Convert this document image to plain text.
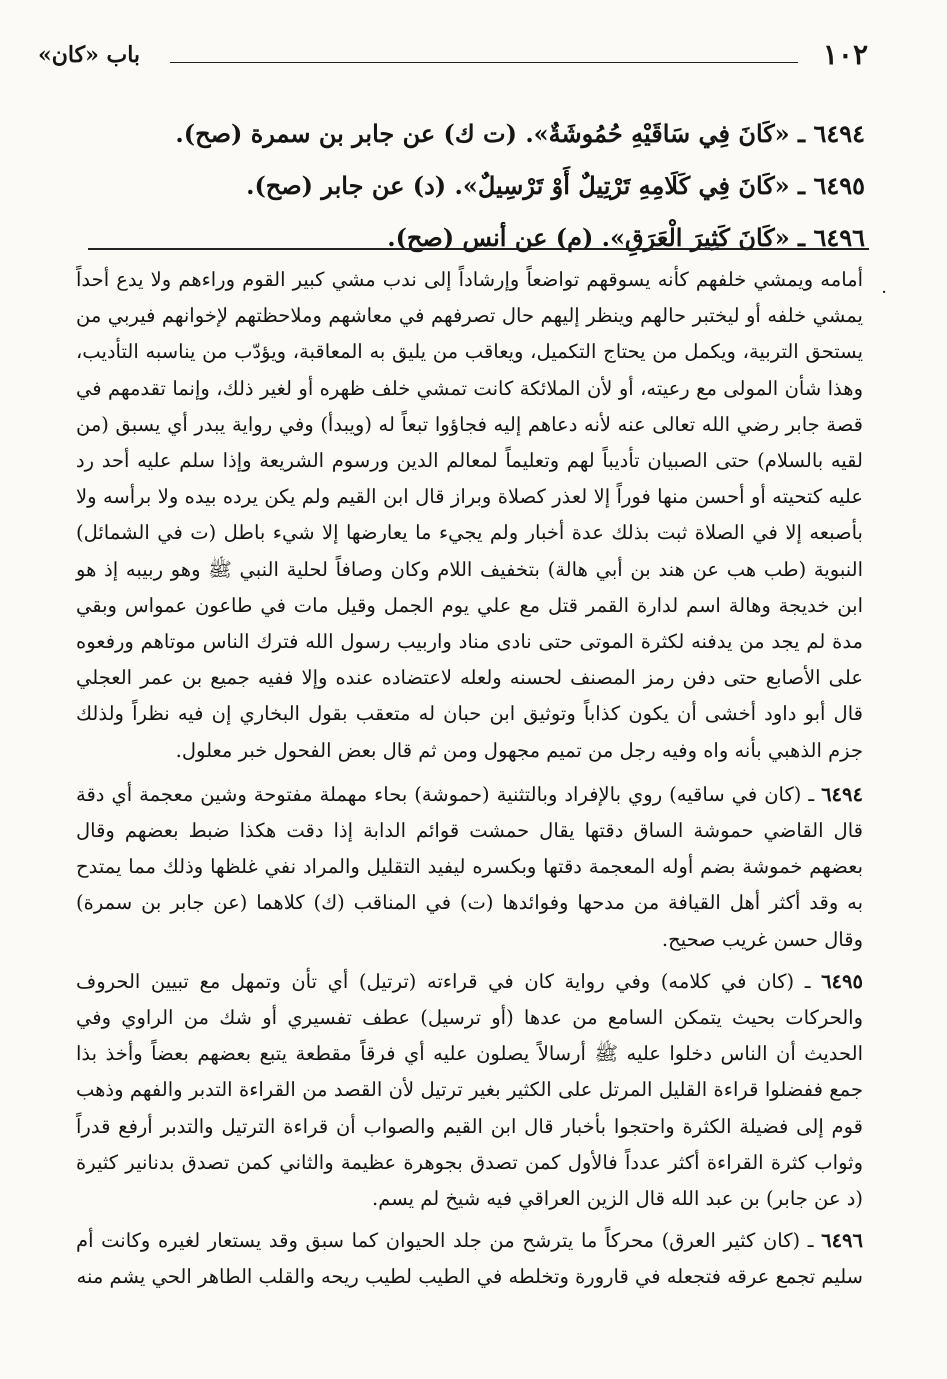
١٠٢
باب «كان»
٦٤٩٤ ـ «كَانَ فِي سَاقَيْهِ حُمُوشَةٌ». (ت ك) عن جابر بن سمرة (صح).
٦٤٩٥ ـ «كَانَ فِي كَلَامِهِ تَرْتِيلٌ أَوْ تَرْسِيلٌ». (د) عن جابر (صح).
٦٤٩٦ ـ «كَانَ كَثِيرَ الْعَرَقِ». (م) عن أنس (صح).
·

أمامه ويمشي خلفهم كأنه يسوقهم تواضعاً وإرشاداً إلى ندب مشي كبير القوم وراءهم ولا يدع أحداً يمشي خلفه أو ليختبر حالهم وينظر إليهم حال تصرفهم في معاشهم وملاحظتهم لإخوانهم فيربي من يستحق التربية، ويكمل من يحتاج التكميل، ويعاقب من يليق به المعاقبة، ويؤدّب من يناسبه التأديب، وهذا شأن المولى مع رعيته، أو لأن الملائكة كانت تمشي خلف ظهره أو لغير ذلك، وإنما تقدمهم في قصة جابر رضي الله تعالى عنه لأنه دعاهم إليه فجاؤوا تبعاً له (ويبدأ) وفي رواية يبدر أي يسبق (من لقيه بالسلام) حتى الصبيان تأديباً لهم وتعليماً لمعالم الدين ورسوم الشريعة وإذا سلم عليه أحد رد عليه كتحيته أو أحسن منها فوراً إلا لعذر كصلاة وبراز قال ابن القيم ولم يكن يرده بيده ولا برأسه ولا بأصبعه إلا في الصلاة ثبت بذلك عدة أخبار ولم يجيء ما يعارضها إلا شيء باطل (ت في الشمائل) النبوية (طب هب عن هند بن أبي هالة) بتخفيف اللام وكان وصافاً لحلية النبي ﷺ وهو ربيبه إذ هو ابن خديجة وهالة اسم لدارة القمر قتل مع علي يوم الجمل وقيل مات في طاعون عمواس وبقي مدة لم يجد من يدفنه لكثرة الموتى حتى نادى مناد واربيب رسول الله فترك الناس موتاهم ورفعوه على الأصابع حتى دفن رمز المصنف لحسنه ولعله لاعتضاده عنده وإلا ففيه جميع بن عمر العجلي قال أبو داود أخشى أن يكون كذاباً وتوثيق ابن حبان له متعقب بقول البخاري إن فيه نظراً ولذلك جزم الذهبي بأنه واه وفيه رجل من تميم مجهول ومن ثم قال بعض الفحول خبر معلول.

٦٤٩٤ ـ (كان في ساقيه) روي بالإفراد وبالتثنية (حموشة) بحاء مهملة مفتوحة وشين معجمة أي دقة قال القاضي حموشة الساق دقتها يقال حمشت قوائم الدابة إذا دقت هكذا ضبط بعضهم وقال بعضهم خموشة بضم أوله المعجمة دقتها وبكسره ليفيد التقليل والمراد نفي غلظها وذلك مما يمتدح به وقد أكثر أهل القيافة من مدحها وفوائدها (ت) في المناقب (ك) كلاهما (عن جابر بن سمرة) وقال حسن غريب صحيح.

٦٤٩٥ ـ (كان في كلامه) وفي رواية كان في قراءته (ترتيل) أي تأن وتمهل مع تبيين الحروف والحركات بحيث يتمكن السامع من عدها (أو ترسيل) عطف تفسيري أو شك من الراوي وفي الحديث أن الناس دخلوا عليه ﷺ أرسالاً يصلون عليه أي فرقاً مقطعة يتبع بعضهم بعضاً وأخذ بذا جمع ففضلوا قراءة القليل المرتل على الكثير بغير ترتيل لأن القصد من القراءة التدبر والفهم وذهب قوم إلى فضيلة الكثرة واحتجوا بأخبار قال ابن القيم والصواب أن قراءة الترتيل والتدبر أرفع قدراً وثواب كثرة القراءة أكثر عدداً فالأول كمن تصدق بجوهرة عظيمة والثاني كمن تصدق بدنانير كثيرة (د عن جابر) بن عبد الله قال الزين العراقي فيه شيخ لم يسم.

٦٤٩٦ ـ (كان كثير العرق) محركاً ما يترشح من جلد الحيوان كما سبق وقد يستعار لغيره وكانت أم سليم تجمع عرقه فتجعله في قارورة وتخلطه في الطيب لطيب ريحه والقلب الطاهر الحي يشم منه
